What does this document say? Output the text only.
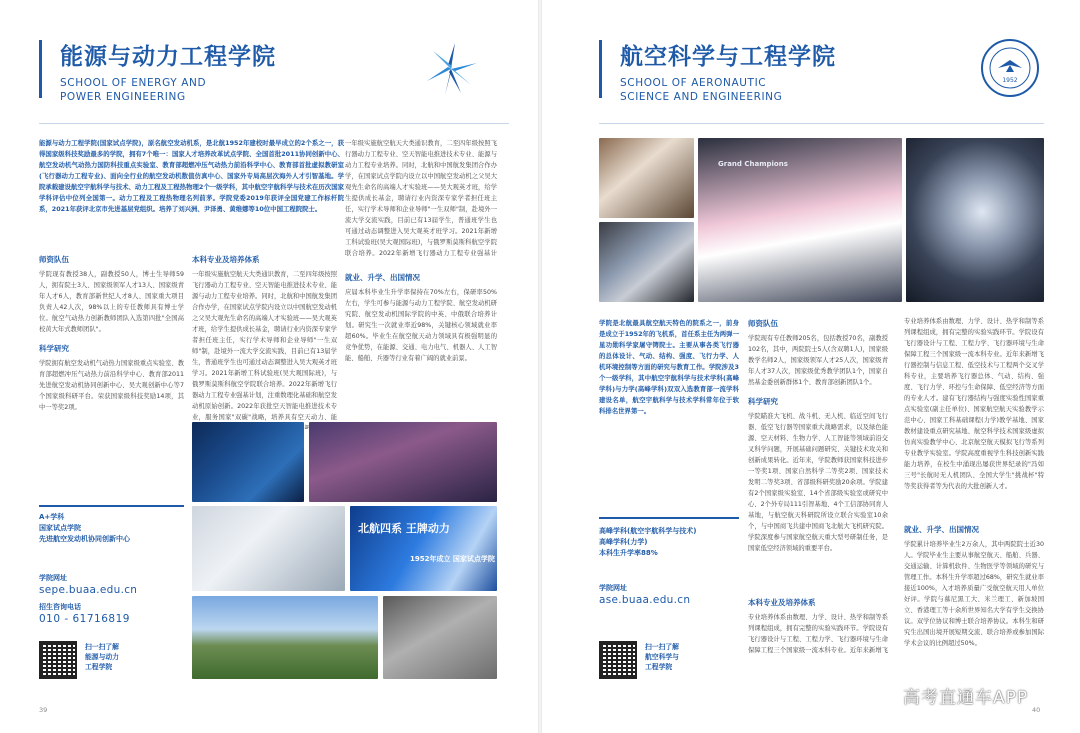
能源与动力工程学院
SCHOOL OF ENERGY AND
POWER ENGINEERING
能源与动力工程学院(国家试点学院)，原名航空发动机系，是北航1952年建校时最早成立的2个系之一，获得国家级科技奖励最多的学院，拥有7个唯一：国家人才培养改革试点学院、全国首批2011协同创新中心、航空发动机气动热力国防科技重点实验室、教育部超燃冲压气动热力前沿科学中心、教育部首批虚拟教研室(飞行器动力工程专业)、面向全行业的航空发动机数值仿真中心、国家外专局高层次海外人才引智基地。学院承载建设航空宇航科学与技术、动力工程及工程热物理2个一级学科，其中航空宇航科学与技术在历次国家学科评估中位列全国第一。动力工程及工程热物理名列前茅。学院党委2019年获评全国党建工作标杆院系，2021年获评北京市先进基层党组织。培养了刘兴洲、尹泽勇、黄维娜等10位中国工程院院士。
师资队伍
学院现有教授38人，副教授50人，博士生导师59人，拥有院士3人、国家级领军人才13人、国家级青年人才6人，教育部新世纪人才8人、国家重大项目负责人42人次，98%以上的专任教师具有博士学位。航空气动热力创新教师团队入选第四批"全国高校黄大年式教师团队"。
科学研究
学院拥有航空发动机气动热力国家级重点实验室、教育部超燃冲压气动热力前沿科学中心、教育部2011先进航空发动机协同创新中心、吴大观创新中心等7个国家级科研平台。荣获国家级科技奖励14项，其中一等奖2项。
本科专业及培养体系
一年级实施航空航天大类通识教育，二至四年级按照飞行器动力工程专业、空天智能电推进技术专业、能源与动力工程专业培养。同时，北航和中国航发集团合作办学，在国家试点学院内设立以中国航空发动机之父吴大观先生命名的高端人才实验班——吴大观英才班，给学生提供成长基金，聘请行业内资深专家学者担任班主任，实行学术导师和企业导师"一生双师"制，赴境外一流大学交流实践，目前已有13届学生，普通班学生也可通过动态调整进入吴大观英才班学习。2021年新增工科试验班(吴大观国际班)，与俄罗斯莫斯科航空学院联合培养。2022年新增飞行器动力工程专业强基计划，注重数理化基础和航空发动机原始创新。2022年获批空天智能电推进技术专业，服务国家"双碳"战略，培养具有空天动力、能 创新
一年级实施航空航天大类通识教育，二至四年级按照飞行器动力工程专业、空天智能电推进技术专业、能源与动力工程专业培养。同时，北航和中国航发集团合作办学，在国家试点学院内设立以中国航空发动机之父吴大观先生命名的高端人才实验班——吴大观英才班，给学生提供成长基金，聘请行业内资深专家学者担任班主任，实行学术导师和企业导师"一生双师"制，赴境外一流大学交流实践，目前已有13届学生，普通班学生也可通过动态调整进入吴大观英才班学习。2021年新增工科试验班(吴大观国际班)，与俄罗斯莫斯科航空学院联合培养。2022年新增飞行器动力工程专业强基计
就业、升学、出国情况
应届本科毕业生升学率保持在70%左右，保研率50%左右，学生可参与能源与动力工程学院、航空发动机研究院、航空发动机国际学院的中英、中俄联合培养计划。研究生一次就业率近98%，关键核心领域就业率超60%。毕业生在航空航天动力领域具有极强明显的竞争优势，在能源、交通、电力电气、机器人、人工智能、船舶、兵器等行业有着广阔的就业前景。
北航四系 王牌动力
1952年成立 国家试点学院
A+学科
国家试点学院
先进航空发动机协同创新中心
学院网址
sepe.buaa.edu.cn
招生咨询电话
010 - 61716819
扫一扫了解
能源与动力
工程学院
39
航空科学与工程学院
SCHOOL OF AERONAUTIC
SCIENCE AND ENGINEERING
1952
Grand Champions
学院是北航最具航空航天特色的院系之一，前身是成立于1952年的飞机系，首任系主任为两弹一星功勋科学家屠守锷院士。主要从事各类飞行器的总体设计、气动、结构、强度、飞行力学、人机环境控制等方面的研究与教育工作。学院涉及3个一级学科，其中航空宇航科学与技术学科(高峰学科)与力学(高峰学科)双双入选教育部一流学科建设名单，航空宇航科学与技术学科常年位于软科排名世界第一。
师资队伍
学院现有专任教师205名，包括教授70名，副教授102名，其中，两院院士5人(含双聘1人)，国家级教学名师2人，国家级领军人才25人次，国家级青年人才37人次，国家级优秀教学团队1个，国家自然基金委创新群体1个、教育部创新团队1个。
科学研究
学院瞄准大飞机、战斗机、无人机、临近空间飞行器、低空飞行器等国家重大战略需求，以及绿色能源、空天材料、生物力学、人工智能等领域前沿交叉科学问题，开展基础问题研究、关键技术攻关和创新成果转化。近年来，学院教师获国家科技进步一等奖1项、国家自然科学二等奖2项、国家技术发明二等奖3项、省部级科研奖励20余项。学院建有2个国家级实验室、14个省部级实验室或研究中心、2个外专局111引智基地、4个工信部协同育人基地，与航空航天科研院所设立联合实验室10余个，与中国商飞共建中国商飞北航大飞机研究院。学院深度参与国家航空航天重大型号研制任务，是国家低空经济领域的重要平台。
本科专业及培养体系
专业培养体系由数理、力学、设计、热学和制等系列课程组成，拥有完整的实验实践环节。学院设有飞行器设计与工程、工程力学、飞行器环境与生命保障工程三个国家级一流本科专业。近年来新增飞
专业培养体系由数理、力学、设计、热学和制等系列课程组成，拥有完整的实验实践环节。学院设有飞行器设计与工程、工程力学、飞行器环境与生命保障工程三个国家级一流本科专业。近年来新增飞行器控制与信息工程、低空技术与工程两个交叉学科专业，主要培养飞行器总体、气动、结构、强度、飞行力学、环控与生命保障、低空经济等方面的专业人才。建有飞行器结构与强度实验性国家重点实验室(副主任单位)、国家航空航天实验教学示范中心、国家工科基础课程(力学)教学基地、国家教材建设重点研究基地、航空科学技术国家级虚拟仿真实验教学中心、北京航空航天模拟飞行等系列专业教学实验室。学院高度重视学生科技创新实践能力培养，在校生中涌现出屡获世界纪录的"冯如三号"长航时无人机团队、全国大学生"挑战杯"特等奖获得者等为代表的大批创新人才。
就业、升学、出国情况
学院累计培养毕业生2万余人，其中两院院士近30人。学院毕业生主要从事航空航天、船舶、兵器、交通运输、计算机软件、生物医学等领域的研究与管理工作。本科生升学率超过68%，研究生就业率接近100%，入才培养质量广受航空航天用人单位好评。学院与慕尼黑工大、米兰理工、新加坡国立、香港理工等十余所世界知名大学有学生交换协议。双学位协议和博士联合培养协议。本科生和研究生出国出境开展短期交流、联合培养或参加国际学术会议的比例超过50%。
高峰学科(航空宇航科学与技术)
高峰学科(力学)
本科生升学率88%
学院网址
ase.buaa.edu.cn
扫一扫了解
航空科学与
工程学院
40
高考直通车APP
